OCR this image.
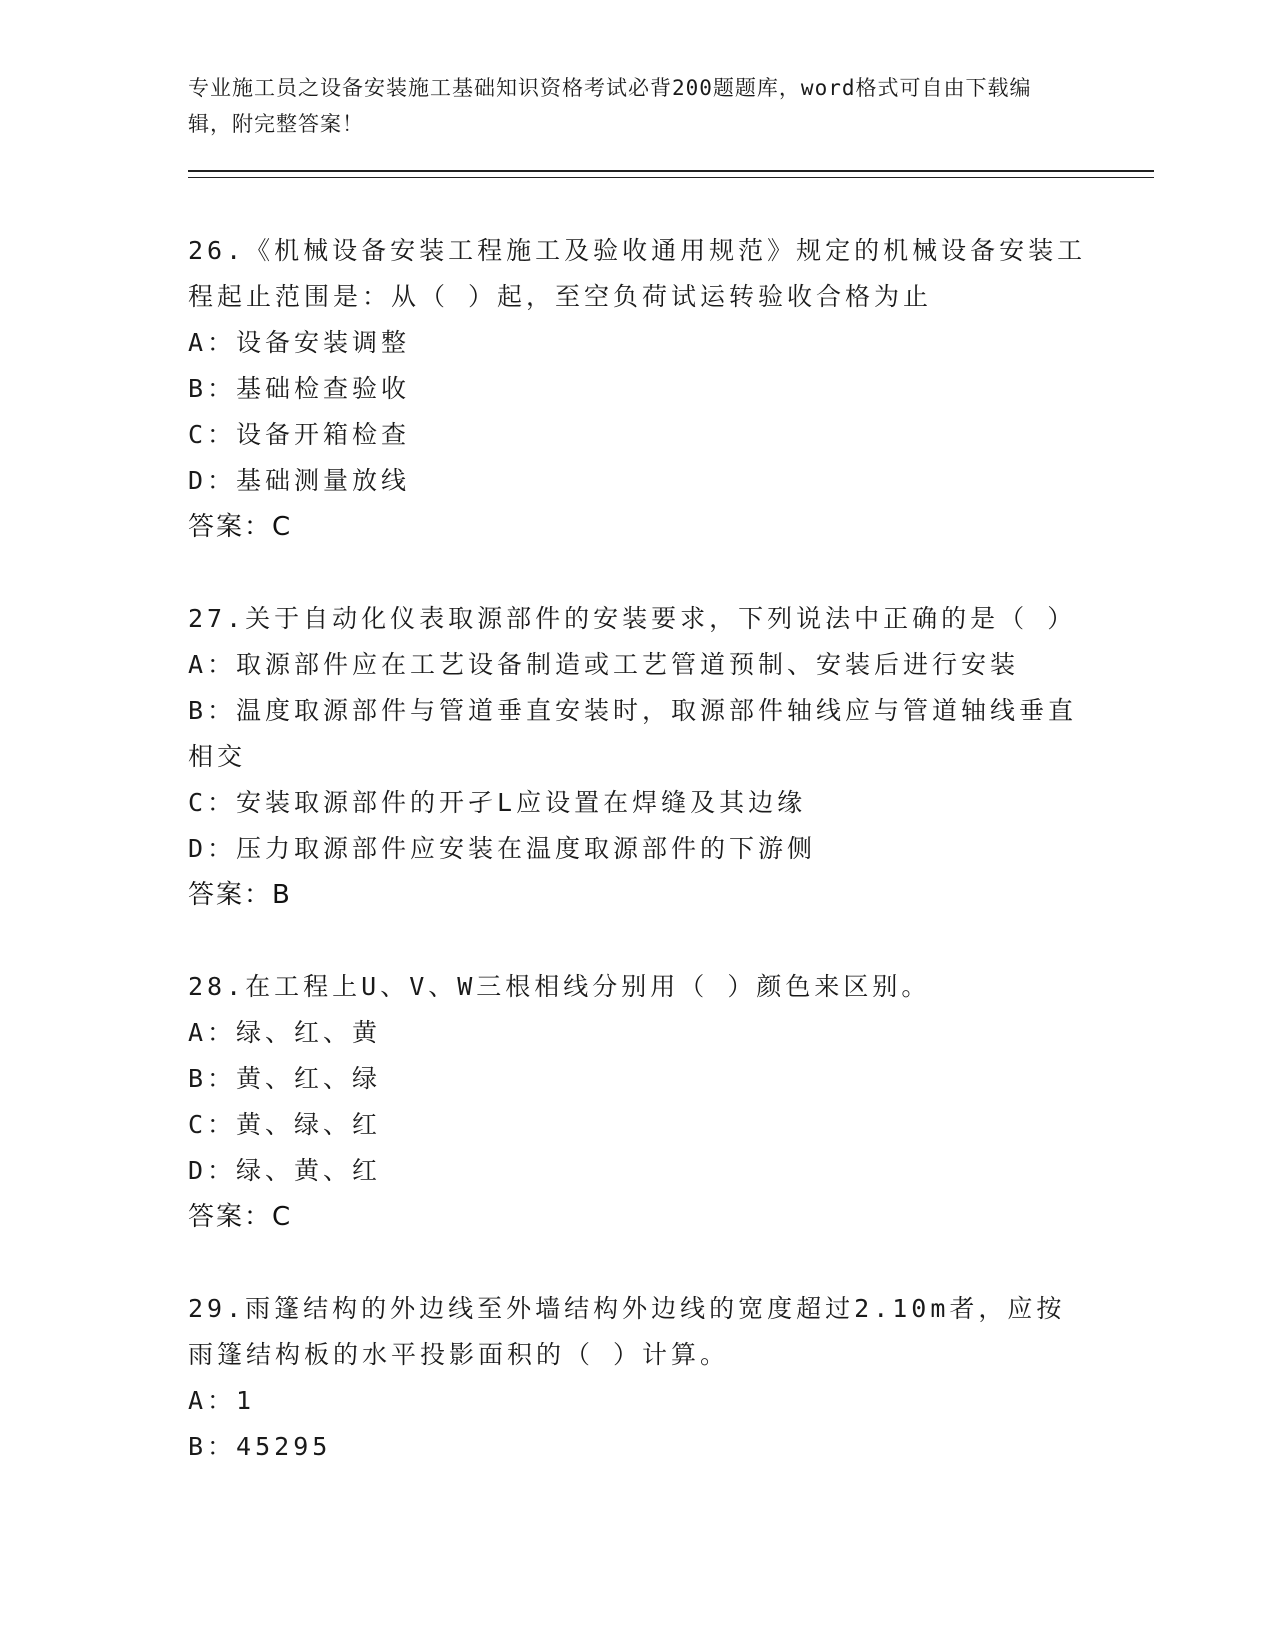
专业施工员之设备安装施工基础知识资格考试必背200题题库，word格式可自由下载编辑，附完整答案！

26.《机械设备安装工程施工及验收通用规范》规定的机械设备安装工程起止范围是：从（ ）起，至空负荷试运转验收合格为止

A：设备安装调整

B：基础检查验收

C：设备开箱检查

D：基础测量放线

答案：C

27.关于自动化仪表取源部件的安装要求，下列说法中正确的是（ ）

A：取源部件应在工艺设备制造或工艺管道预制、安装后进行安装

B：温度取源部件与管道垂直安装时，取源部件轴线应与管道轴线垂直相交

C：安装取源部件的开孑L应设置在焊缝及其边缘

D：压力取源部件应安装在温度取源部件的下游侧

答案：B

28.在工程上U、V、W三根相线分别用（ ）颜色来区别。

A：绿、红、黄

B：黄、红、绿

C：黄、绿、红

D：绿、黄、红

答案：C

29.雨篷结构的外边线至外墙结构外边线的宽度超过2.10m者，应按雨篷结构板的水平投影面积的（ ）计算。

A：1

B：45295
